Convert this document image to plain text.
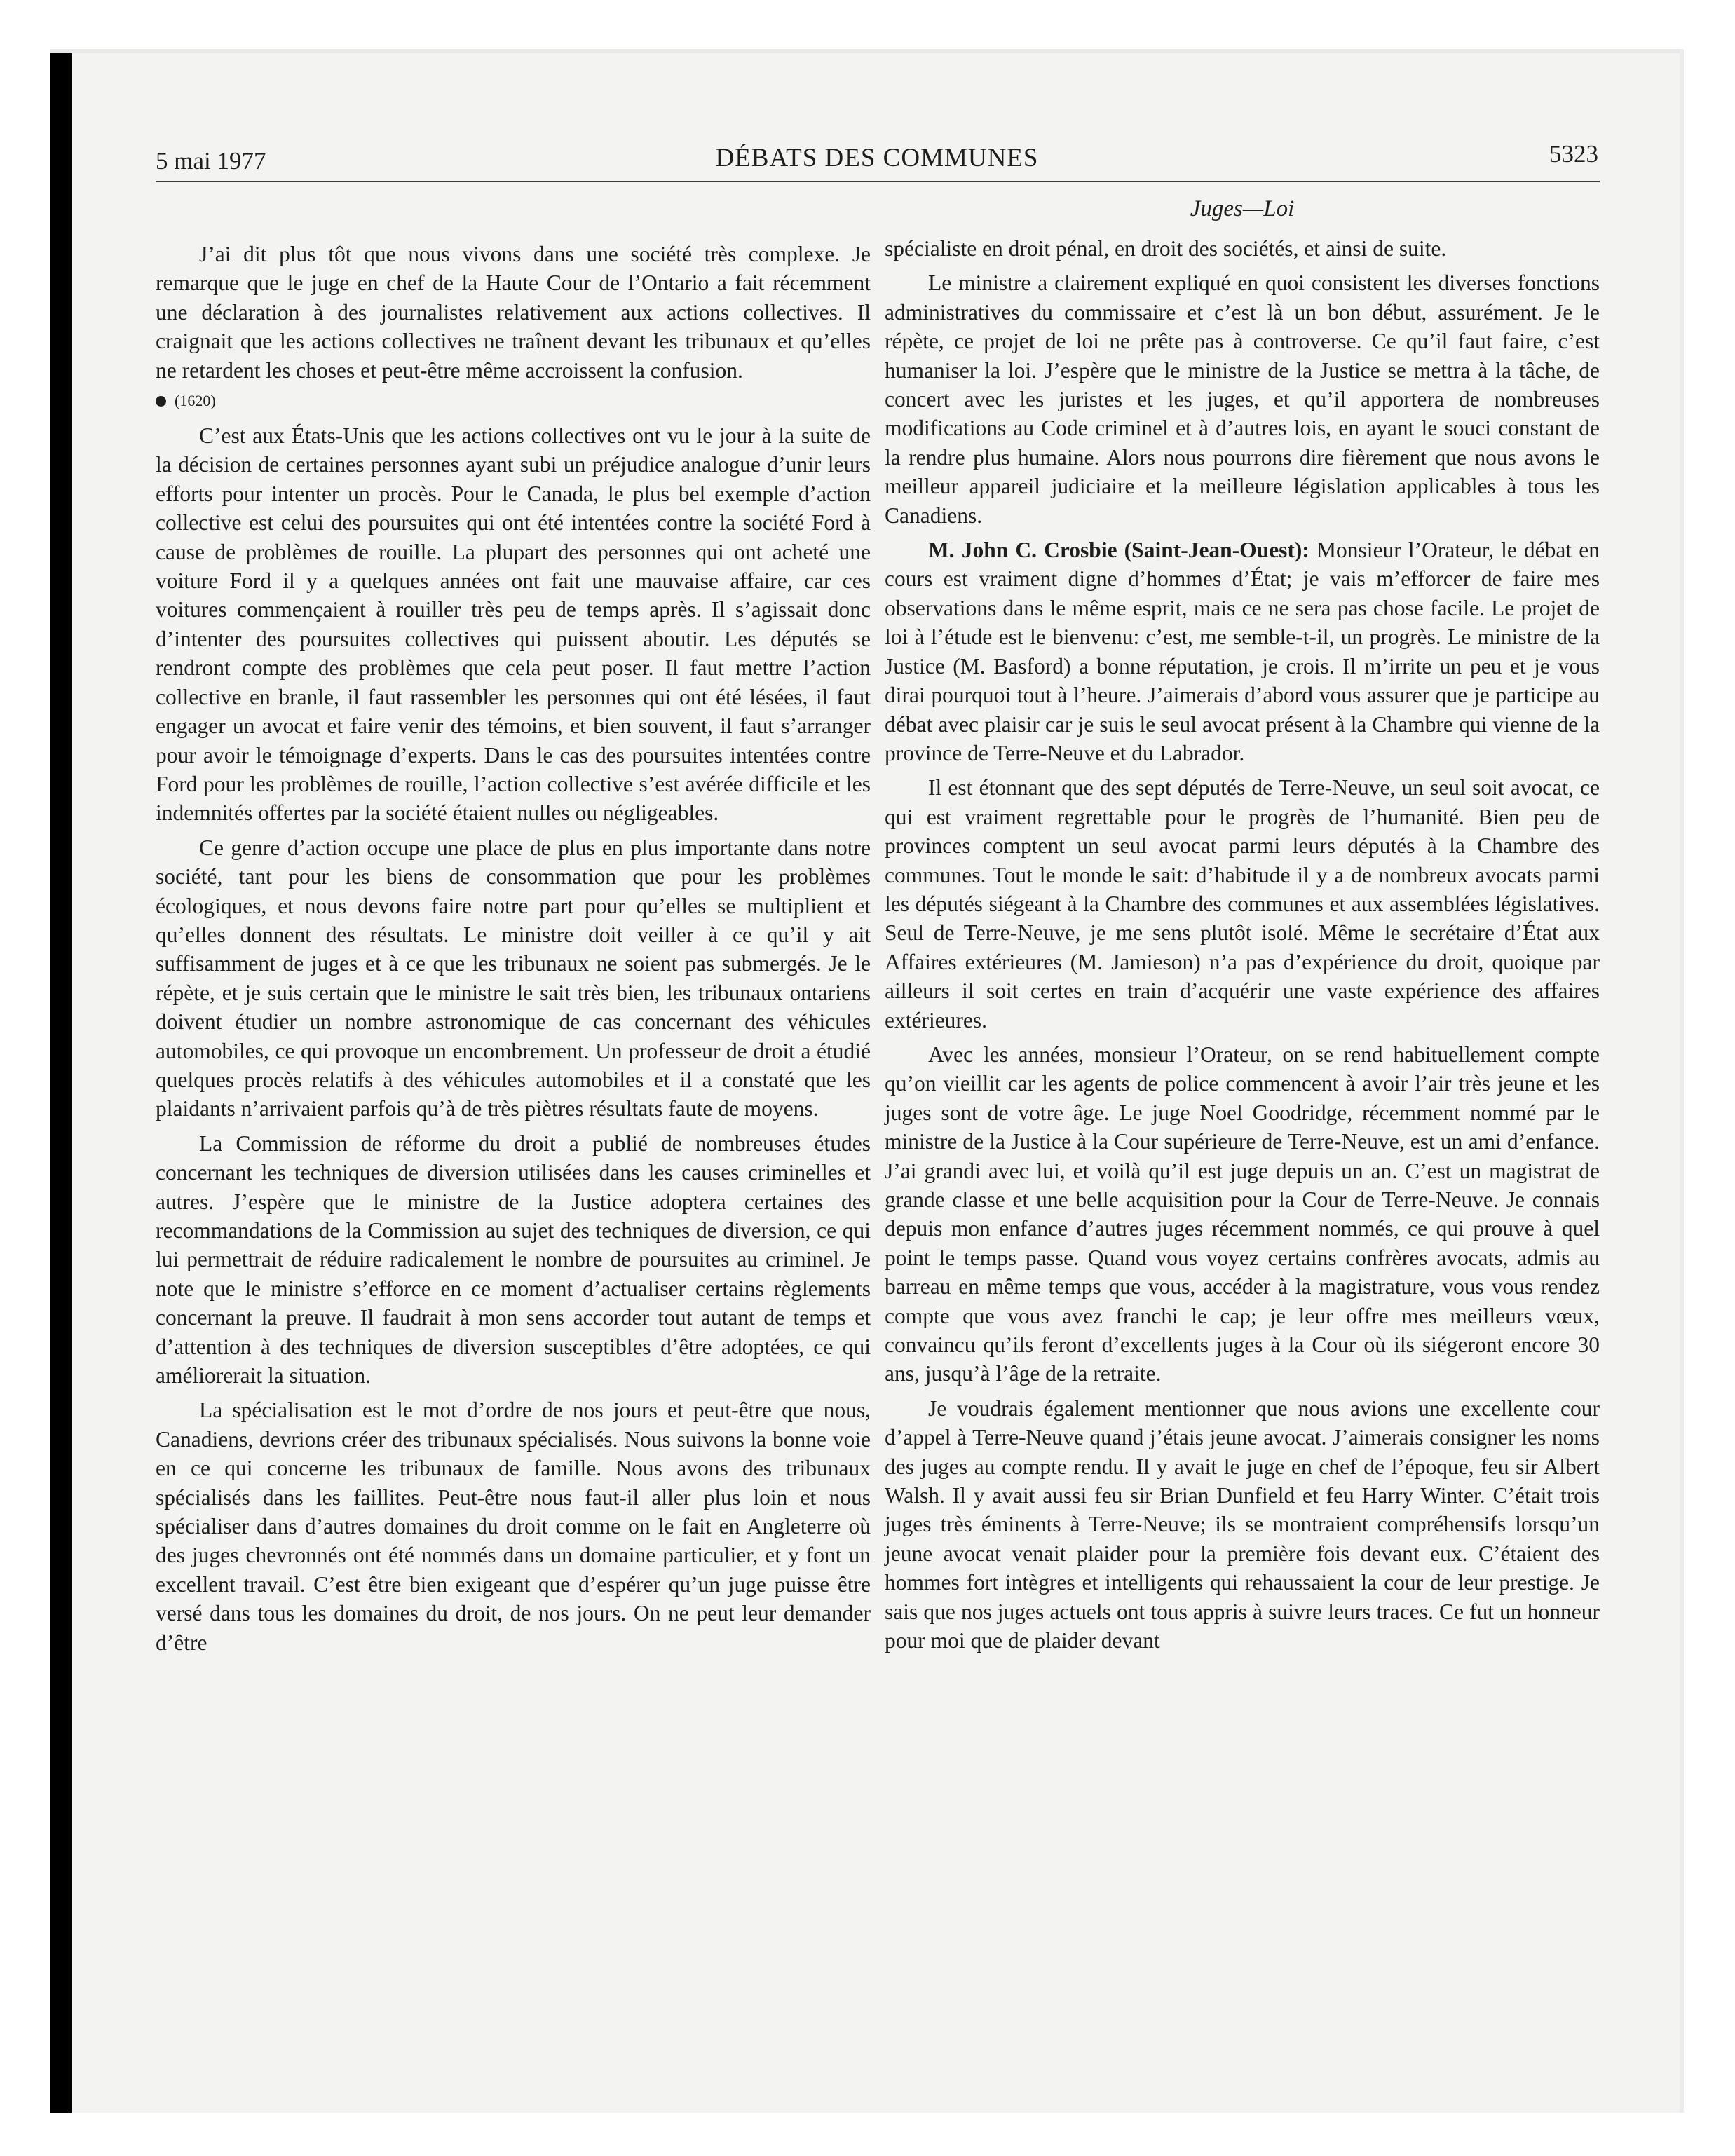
5 mai 1977	DÉBATS DES COMMUNES	5323

J’ai dit plus tôt que nous vivons dans une société très complexe. Je remarque que le juge en chef de la Haute Cour de l’Ontario a fait récemment une déclaration à des journalistes relativement aux actions collectives. Il craignait que les actions collectives ne traînent devant les tribunaux et qu’elles ne retardent les choses et peut-être même accroissent la confusion.

(1620)

C’est aux États-Unis que les actions collectives ont vu le jour à la suite de la décision de certaines personnes ayant subi un préjudice analogue d’unir leurs efforts pour intenter un procès. Pour le Canada, le plus bel exemple d’action collective est celui des poursuites qui ont été intentées contre la société Ford à cause de problèmes de rouille. La plupart des personnes qui ont acheté une voiture Ford il y a quelques années ont fait une mauvaise affaire, car ces voitures commençaient à rouiller très peu de temps après. Il s’agissait donc d’intenter des poursuites collectives qui puissent aboutir. Les députés se rendront compte des problèmes que cela peut poser. Il faut mettre l’action collective en branle, il faut rassembler les personnes qui ont été lésées, il faut engager un avocat et faire venir des témoins, et bien souvent, il faut s’arranger pour avoir le témoignage d’experts. Dans le cas des poursuites intentées contre Ford pour les problèmes de rouille, l’action collective s’est avérée difficile et les indemnités offertes par la société étaient nulles ou négligeables.

Ce genre d’action occupe une place de plus en plus importante dans notre société, tant pour les biens de consommation que pour les problèmes écologiques, et nous devons faire notre part pour qu’elles se multiplient et qu’elles donnent des résultats. Le ministre doit veiller à ce qu’il y ait suffisamment de juges et à ce que les tribunaux ne soient pas submergés. Je le répète, et je suis certain que le ministre le sait très bien, les tribunaux ontariens doivent étudier un nombre astronomique de cas concernant des véhicules automobiles, ce qui provoque un encombrement. Un professeur de droit a étudié quelques procès relatifs à des véhicules automobiles et il a constaté que les plaidants n’arrivaient parfois qu’à de très piètres résultats faute de moyens.

La Commission de réforme du droit a publié de nombreuses études concernant les techniques de diversion utilisées dans les causes criminelles et autres. J’espère que le ministre de la Justice adoptera certaines des recommandations de la Commission au sujet des techniques de diversion, ce qui lui permettrait de réduire radicalement le nombre de poursuites au criminel. Je note que le ministre s’efforce en ce moment d’actualiser certains règlements concernant la preuve. Il faudrait à mon sens accorder tout autant de temps et d’attention à des techniques de diversion susceptibles d’être adoptées, ce qui améliorerait la situation.

La spécialisation est le mot d’ordre de nos jours et peut-être que nous, Canadiens, devrions créer des tribunaux spécialisés. Nous suivons la bonne voie en ce qui concerne les tribunaux de famille. Nous avons des tribunaux spécialisés dans les faillites. Peut-être nous faut-il aller plus loin et nous spécialiser dans d’autres domaines du droit comme on le fait en Angleterre où des juges chevronnés ont été nommés dans un domaine particulier, et y font un excellent travail. C’est être bien exigeant que d’espérer qu’un juge puisse être versé dans tous les domaines du droit, de nos jours. On ne peut leur demander d’être

Juges—Loi

spécialiste en droit pénal, en droit des sociétés, et ainsi de suite.

Le ministre a clairement expliqué en quoi consistent les diverses fonctions administratives du commissaire et c’est là un bon début, assurément. Je le répète, ce projet de loi ne prête pas à controverse. Ce qu’il faut faire, c’est humaniser la loi. J’espère que le ministre de la Justice se mettra à la tâche, de concert avec les juristes et les juges, et qu’il apportera de nombreuses modifications au Code criminel et à d’autres lois, en ayant le souci constant de la rendre plus humaine. Alors nous pourrons dire fièrement que nous avons le meilleur appareil judiciaire et la meilleure législation applicables à tous les Canadiens.

M. John C. Crosbie (Saint-Jean-Ouest): Monsieur l’Orateur, le débat en cours est vraiment digne d’hommes d’État; je vais m’efforcer de faire mes observations dans le même esprit, mais ce ne sera pas chose facile. Le projet de loi à l’étude est le bienvenu: c’est, me semble-t-il, un progrès. Le ministre de la Justice (M. Basford) a bonne réputation, je crois. Il m’irrite un peu et je vous dirai pourquoi tout à l’heure. J’aimerais d’abord vous assurer que je participe au débat avec plaisir car je suis le seul avocat présent à la Chambre qui vienne de la province de Terre-Neuve et du Labrador.

Il est étonnant que des sept députés de Terre-Neuve, un seul soit avocat, ce qui est vraiment regrettable pour le progrès de l’humanité. Bien peu de provinces comptent un seul avocat parmi leurs députés à la Chambre des communes. Tout le monde le sait: d’habitude il y a de nombreux avocats parmi les députés siégeant à la Chambre des communes et aux assemblées législatives. Seul de Terre-Neuve, je me sens plutôt isolé. Même le secrétaire d’État aux Affaires extérieures (M. Jamieson) n’a pas d’expérience du droit, quoique par ailleurs il soit certes en train d’acquérir une vaste expérience des affaires extérieures.

Avec les années, monsieur l’Orateur, on se rend habituellement compte qu’on vieillit car les agents de police commencent à avoir l’air très jeune et les juges sont de votre âge. Le juge Noel Goodridge, récemment nommé par le ministre de la Justice à la Cour supérieure de Terre-Neuve, est un ami d’enfance. J’ai grandi avec lui, et voilà qu’il est juge depuis un an. C’est un magistrat de grande classe et une belle acquisition pour la Cour de Terre-Neuve. Je connais depuis mon enfance d’autres juges récemment nommés, ce qui prouve à quel point le temps passe. Quand vous voyez certains confrères avocats, admis au barreau en même temps que vous, accéder à la magistrature, vous vous rendez compte que vous avez franchi le cap; je leur offre mes meilleurs vœux, convaincu qu’ils feront d’excellents juges à la Cour où ils siégeront encore 30 ans, jusqu’à l’âge de la retraite.

Je voudrais également mentionner que nous avions une excellente cour d’appel à Terre-Neuve quand j’étais jeune avocat. J’aimerais consigner les noms des juges au compte rendu. Il y avait le juge en chef de l’époque, feu sir Albert Walsh. Il y avait aussi feu sir Brian Dunfield et feu Harry Winter. C’était trois juges très éminents à Terre-Neuve; ils se montraient compréhensifs lorsqu’un jeune avocat venait plaider pour la première fois devant eux. C’étaient des hommes fort intègres et intelligents qui rehaussaient la cour de leur prestige. Je sais que nos juges actuels ont tous appris à suivre leurs traces. Ce fut un honneur pour moi que de plaider devant
